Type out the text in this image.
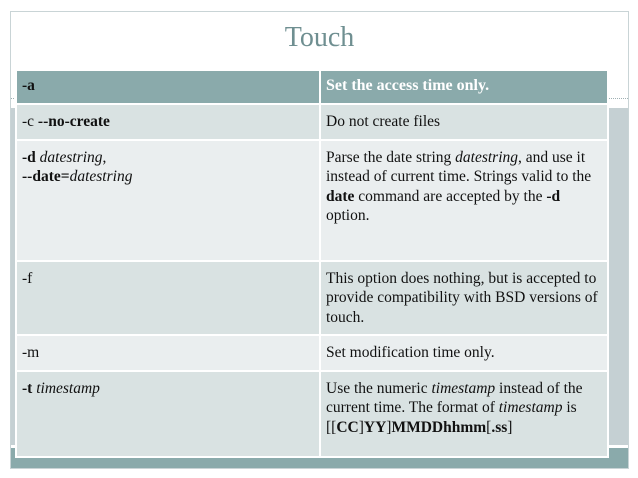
Touch
-a	Set the access time only.
-c --no-create	Do not create files
-d datestring,
--date=datestring	Parse the date string datestring, and use it instead of current time. Strings valid to the date command are accepted by the -d option.
-f	This option does nothing, but is accepted to provide compatibility with BSD versions of touch.
-m	Set modification time only.
-t timestamp	Use the numeric timestamp instead of the current time. The format of timestamp is
[[CC]YY]MMDDhhmm[.ss]
